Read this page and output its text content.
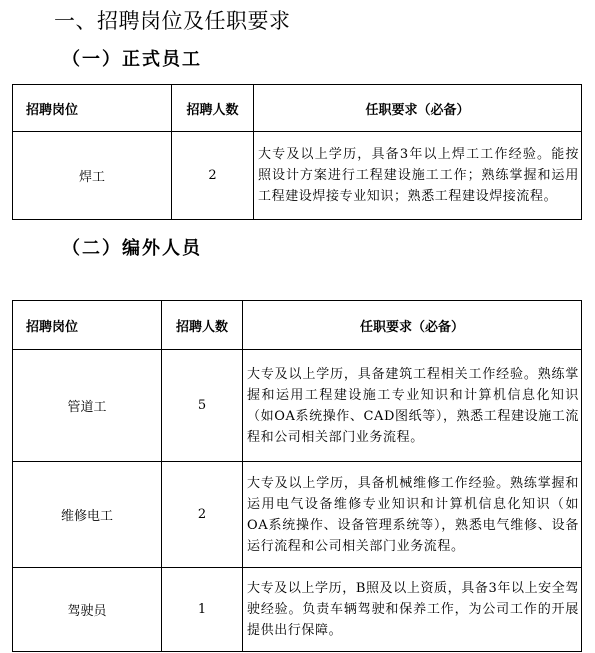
一、招聘岗位及任职要求
（一）正式员工
招聘岗位	招聘人数	任职要求（必备）
焊工	2	大专及以上学历，具备3年以上焊工工作经验。能按照设计方案进行工程建设施工工作；熟练掌握和运用工程建设焊接专业知识；熟悉工程建设焊接流程。
（二）编外人员
招聘岗位	招聘人数	任职要求（必备）
管道工	5	大专及以上学历，具备建筑工程相关工作经验。熟练掌握和运用工程建设施工专业知识和计算机信息化知识（如OA系统操作、CAD图纸等），熟悉工程建设施工流程和公司相关部门业务流程。
维修电工	2	大专及以上学历，具备机械维修工作经验。熟练掌握和运用电气设备维修专业知识和计算机信息化知识（如OA系统操作、设备管理系统等），熟悉电气维修、设备运行流程和公司相关部门业务流程。
驾驶员	1	大专及以上学历，B照及以上资质，具备3年以上安全驾驶经验。负责车辆驾驶和保养工作，为公司工作的开展提供出行保障。
